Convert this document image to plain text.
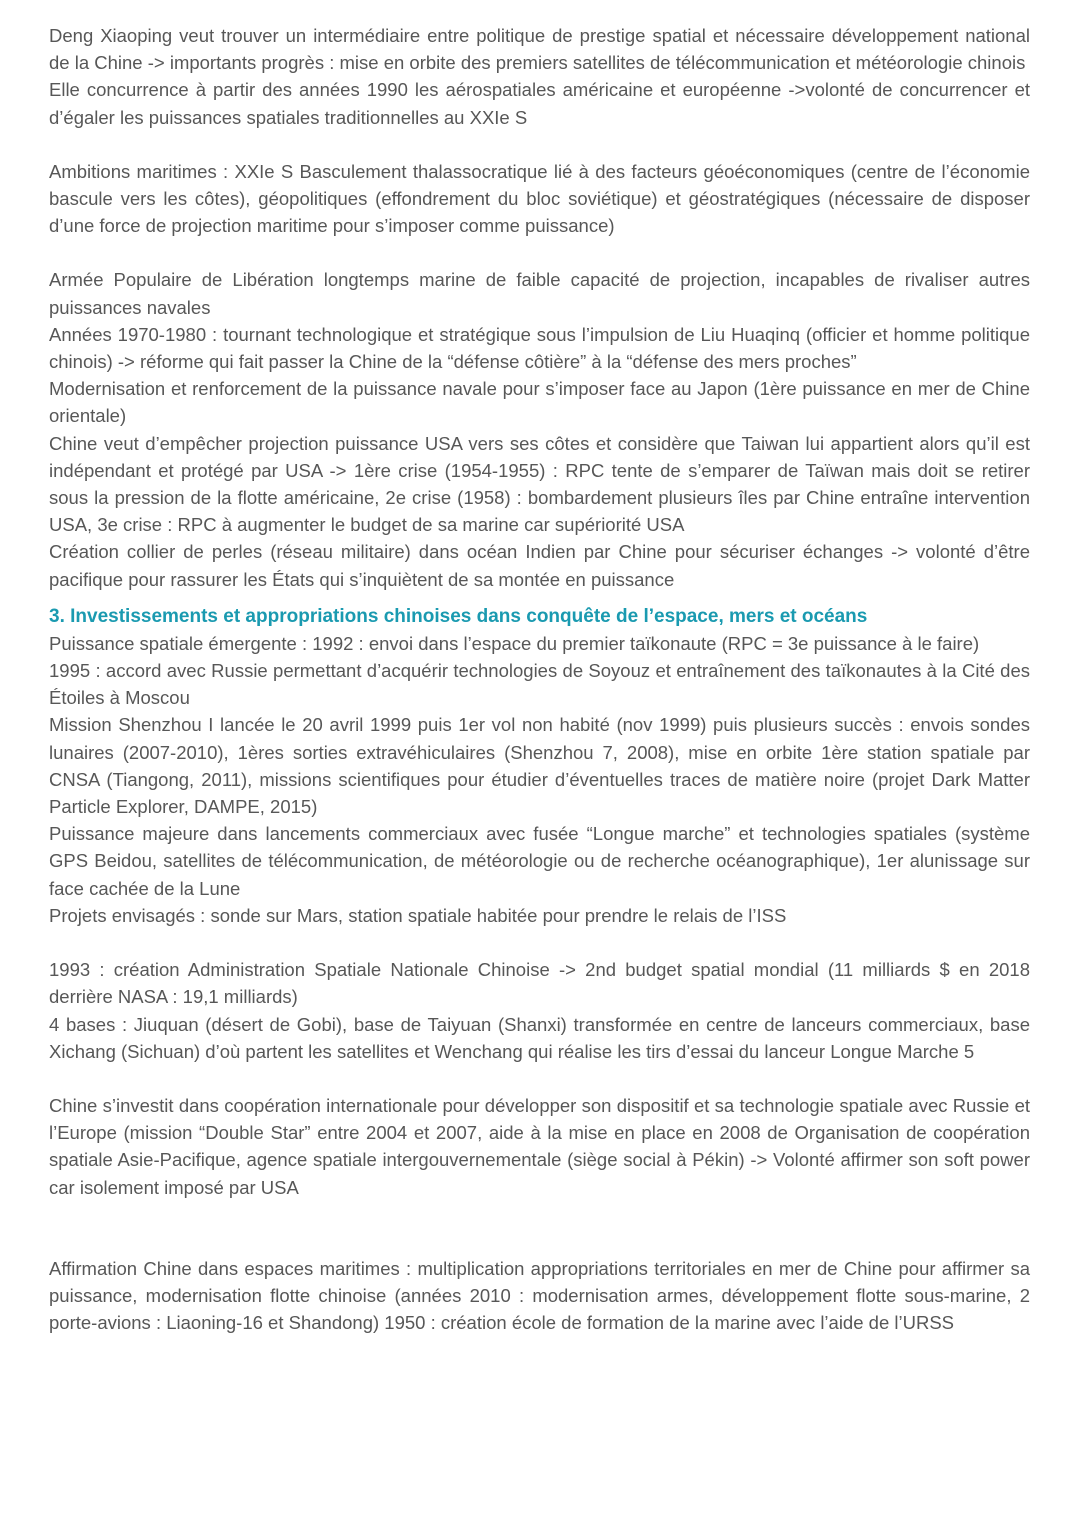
Deng Xiaoping veut trouver un intermédiaire entre politique de prestige spatial et nécessaire développement national de la Chine -> importants progrès : mise en orbite des premiers satellites de télécommunication et météorologie chinois

Elle concurrence à partir des années 1990 les aérospatiales américaine et européenne ->volonté de concurrencer et d’égaler les puissances spatiales traditionnelles au XXIe S

Ambitions maritimes : XXIe S Basculement thalassocratique lié à des facteurs géoéconomiques (centre de l’économie bascule vers les côtes), géopolitiques (effondrement du bloc soviétique) et géostratégiques (nécessaire de disposer d’une force de projection maritime pour s’imposer comme puissance)

Armée Populaire de Libération longtemps marine de faible capacité de projection, incapables de rivaliser autres puissances navales

Années 1970-1980 : tournant technologique et stratégique sous l’impulsion de Liu Huaqinq (officier et homme politique chinois) -> réforme qui fait passer la Chine de la “défense côtière” à la “défense des mers proches”

Modernisation et renforcement de la puissance navale pour s’imposer face au Japon (1ère puissance en mer de Chine orientale)

Chine veut d’empêcher projection puissance USA vers ses côtes et considère que Taiwan lui appartient alors qu’il est indépendant et protégé par USA -> 1ère crise (1954-1955) : RPC tente de s’emparer de Taïwan mais doit se retirer sous la pression de la flotte américaine, 2e crise (1958) : bombardement plusieurs îles par Chine entraîne intervention USA, 3e crise : RPC à augmenter le budget de sa marine car supériorité USA

Création collier de perles (réseau militaire) dans océan Indien par Chine pour sécuriser échanges -> volonté d’être pacifique pour rassurer les États qui s’inquiètent de sa montée en puissance

3. Investissements et appropriations chinoises dans conquête de l’espace, mers et océans

Puissance spatiale émergente : 1992 : envoi dans l’espace du premier taïkonaute (RPC = 3e puissance à le faire)

1995 : accord avec Russie permettant d’acquérir technologies de Soyouz et entraînement des taïkonautes à la Cité des Étoiles à Moscou

Mission Shenzhou I lancée le 20 avril 1999 puis 1er vol non habité (nov 1999) puis plusieurs succès : envois sondes lunaires (2007-2010), 1ères sorties extravéhiculaires (Shenzhou 7, 2008), mise en orbite 1ère station spatiale par CNSA (Tiangong, 2011), missions scientifiques pour étudier d’éventuelles traces de matière noire (projet Dark Matter Particle Explorer, DAMPE, 2015)

Puissance majeure dans lancements commerciaux avec fusée “Longue marche” et technologies spatiales (système GPS Beidou, satellites de télécommunication, de météorologie ou de recherche océanographique), 1er alunissage sur face cachée de la Lune

Projets envisagés : sonde sur Mars, station spatiale habitée pour prendre le relais de l’ISS

1993 : création Administration Spatiale Nationale Chinoise -> 2nd budget spatial mondial (11 milliards $ en 2018 derrière NASA : 19,1 milliards)

4 bases : Jiuquan (désert de Gobi), base de Taiyuan (Shanxi) transformée en centre de lanceurs commerciaux, base Xichang (Sichuan) d’où partent les satellites et Wenchang qui réalise les tirs d’essai du lanceur Longue Marche 5

Chine s’investit dans coopération internationale pour développer son dispositif et sa technologie spatiale avec Russie et l’Europe (mission “Double Star” entre 2004 et 2007, aide à la mise en place en 2008 de Organisation de coopération spatiale Asie-Pacifique, agence spatiale intergouvernementale (siège social à Pékin) -> Volonté affirmer son soft power car isolement imposé par USA

Affirmation Chine dans espaces maritimes : multiplication appropriations territoriales en mer de Chine pour affirmer sa puissance, modernisation flotte chinoise (années 2010 : modernisation armes, développement flotte sous-marine, 2 porte-avions : Liaoning-16 et Shandong) 1950 : création école de formation de la marine avec l’aide de l’URSS
